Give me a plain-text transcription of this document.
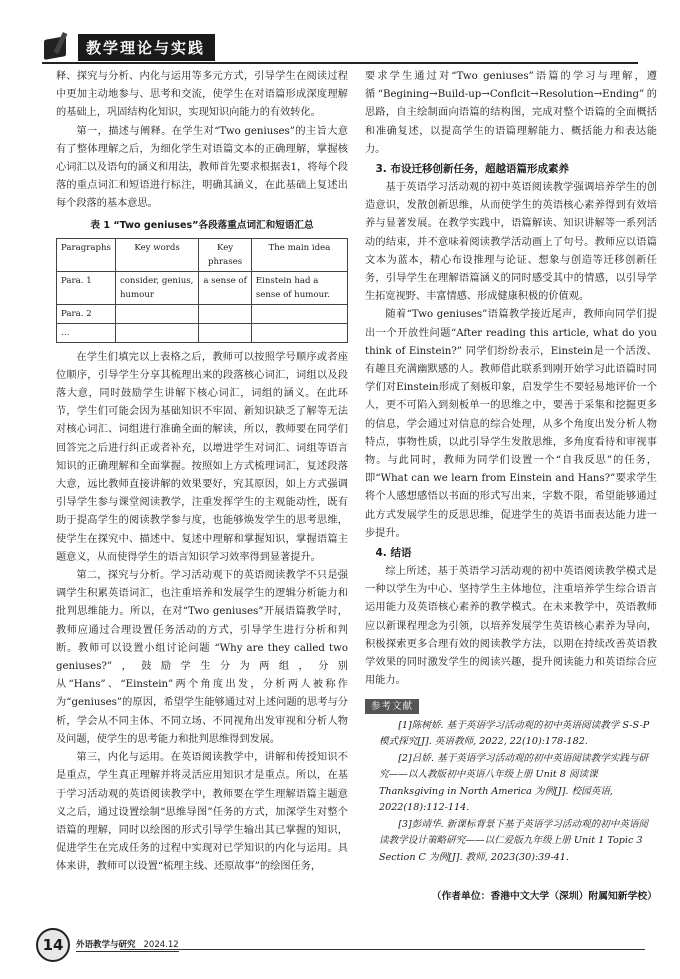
教学理论与实践

释、探究与分析、内化与运用等多元方式，引导学生在阅读过程中更加主动地参与、思考和交流，使学生在对语篇形成深度理解的基础上，巩固结构化知识，实现知识向能力的有效转化。

第一，描述与阐释。在学生对“Two geniuses”的主旨大意有了整体理解之后，为细化学生对语篇文本的正确理解，掌握核心词汇以及语句的涵义和用法，教师首先要求根据表1，将每个段落的重点词汇和短语进行标注，明确其涵义，在此基础上复述出每个段落的基本意思。

表 1 “Two geniuses”各段落重点词汇和短语汇总
Paragraphs	Key words	Key phrases	The main idea
Para. 1	consider, genius, humour	a sense of	Einstein had a sense of humour.
Para. 2			
…			

在学生们填完以上表格之后，教师可以按照学号顺序或者座位顺序，引导学生分享其梳理出来的段落核心词汇，词组以及段落大意，同时鼓励学生讲解下核心词汇，词组的涵义。在此环节，学生们可能会因为基础知识不牢固、新知识缺乏了解等无法对核心词汇、词组进行准确全面的解读，所以，教师要在同学们回答完之后进行纠正或者补充，以增进学生对词汇、词组等语言知识的正确理解和全面掌握。按照如上方式梳理词汇，复述段落大意，远比教师直接讲解的效果要好，究其原因，如上方式强调引导学生参与课堂阅读教学，注重发挥学生的主观能动性，既有助于提高学生的阅读教学参与度，也能够焕发学生的思考思维，使学生在探究中、描述中、复述中理解和掌握知识，掌握语篇主题意义，从而使得学生的语言知识学习效率得到显著提升。

第二，探究与分析。学习活动观下的英语阅读教学不只是强调学生积累英语词汇，也注重培养和发展学生的逻辑分析能力和批判思维能力。所以，在对“Two geniuses”开展语篇教学时，教师应通过合理设置任务活动的方式，引导学生进行分析和判断。教师可以设置小组讨论问题 “Why are they called two geniuses?”，鼓励学生分为两组，分别从“Hans”、“Einstein”两个角度出发，分析两人被称作为“geniuses”的原因，希望学生能够通过对上述问题的思考与分析，学会从不同主体、不同立场、不同视角出发审视和分析人物及问题，使学生的思考能力和批判思维得到发展。

第三，内化与运用。在英语阅读教学中，讲解和传授知识不是重点，学生真正理解并将灵活应用知识才是重点。所以，在基于学习活动观的英语阅读教学中，教师要在学生理解语篇主题意义之后，通过设置绘制“思维导图”任务的方式，加深学生对整个语篇的理解，同时以绘图的形式引导学生输出其已掌握的知识，促进学生在完成任务的过程中实现对已学知识的内化与运用。具体来讲，教师可以设置“梳理主线、还原故事”的绘图任务，

要求学生通过对“Two geniuses”语篇的学习与理解，遵循“Begining→Build-up→Conflcit→Resolution→Ending”的思路，自主绘制面向语篇的结构图，完成对整个语篇的全面概括和准确复述，以提高学生的语篇理解能力、概括能力和表达能力。

3. 布设迁移创新任务，超越语篇形成素养

基于英语学习活动观的初中英语阅读教学强调培养学生的创造意识，发散创新思维，从而使学生的英语核心素养得到有效培养与显著发展。在教学实践中，语篇解读、知识讲解等一系列活动的结束，并不意味着阅读教学活动画上了句号。教师应以语篇文本为蓝本，精心布设推理与论证、想象与创造等迁移创新任务，引导学生在理解语篇涵义的同时感受其中的情感，以引导学生拓宽视野、丰富情感、形成健康积极的价值观。

随着“Two geniuses”语篇教学接近尾声，教师向同学们提出一个开放性问题“After reading this article, what do you think of Einstein?” 同学们纷纷表示，Einstein是一个活泼、有趣且充满幽默感的人。教师借此联系到刚开始学习此语篇时同学们对Einstein形成了刻板印象，启发学生不要轻易地评价一个人，更不可陷入到刻板单一的思维之中，要善于采集和挖掘更多的信息，学会通过对信息的综合处理，从多个角度出发分析人物特点，事物性质，以此引导学生发散思维，多角度看待和审视事物。与此同时，教师为同学们设置一个“自我反思”的任务，即“What can we learn from Einstein and Hans?”要求学生将个人感想感悟以书面的形式写出来，字数不限，希望能够通过此方式发展学生的反思思维，促进学生的英语书面表达能力进一步提升。

4. 结语

综上所述，基于英语学习活动观的初中英语阅读教学模式是一种以学生为中心、坚持学生主体地位，注重培养学生综合语言运用能力及英语核心素养的教学模式。在未来教学中，英语教师应以新课程理念为引领，以培养发展学生英语核心素养为导向，积极探索更多合理有效的阅读教学方法，以期在持续改善英语教学效果的同时激发学生的阅读兴趣，提升阅读能力和英语综合应用能力。

参考文献

[1]陈树娇. 基于英语学习活动观的初中英语阅读教学 S-S-P 模式探究[J]. 英语教师, 2022, 22(10):178-182.

[2]吕娇. 基于英语学习活动观的初中英语阅读教学实践与研究——以人教版初中英语八年级上册 Unit 8 阅读课 Thanksgiving in North America 为例[J]. 校园英语, 2022(18):112-114.

[3]彭靖华. 新课标背景下基于英语学习活动观的初中英语阅读教学设计策略研究——以仁爱版九年级上册 Unit 1 Topic 3 Section C 为例[J]. 教师, 2023(30):39-41.

（作者单位：香港中文大学（深圳）附属知新学校）
14	外语教学与研究 2024.12
